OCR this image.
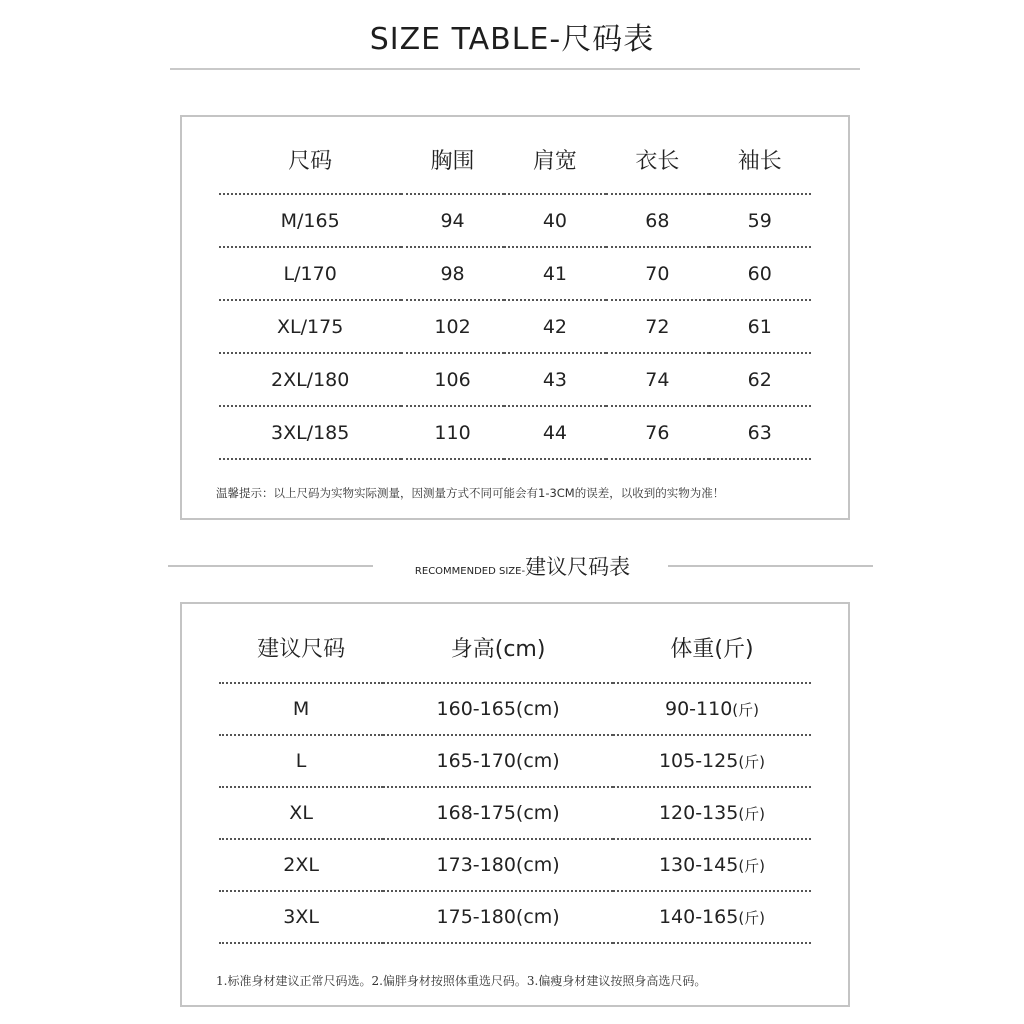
SIZE TABLE-尺码表
尺码	胸围	肩宽	衣长	袖长
M/165	94	40	68	59
L/170	98	41	70	60
XL/175	102	42	72	61
2XL/180	106	43	74	62
3XL/185	110	44	76	63
温馨提示：以上尺码为实物实际测量，因测量方式不同可能会有1-3CM的误差，以收到的实物为准！
RECOMMENDED SIZE-建议尺码表
建议尺码	身高(cm)	体重(斤)
M	160-165(cm)	90-110(斤)
L	165-170(cm)	105-125(斤)
XL	168-175(cm)	120-135(斤)
2XL	173-180(cm)	130-145(斤)
3XL	175-180(cm)	140-165(斤)
1.标准身材建议正常尺码选。2.偏胖身材按照体重选尺码。3.偏瘦身材建议按照身高选尺码。
